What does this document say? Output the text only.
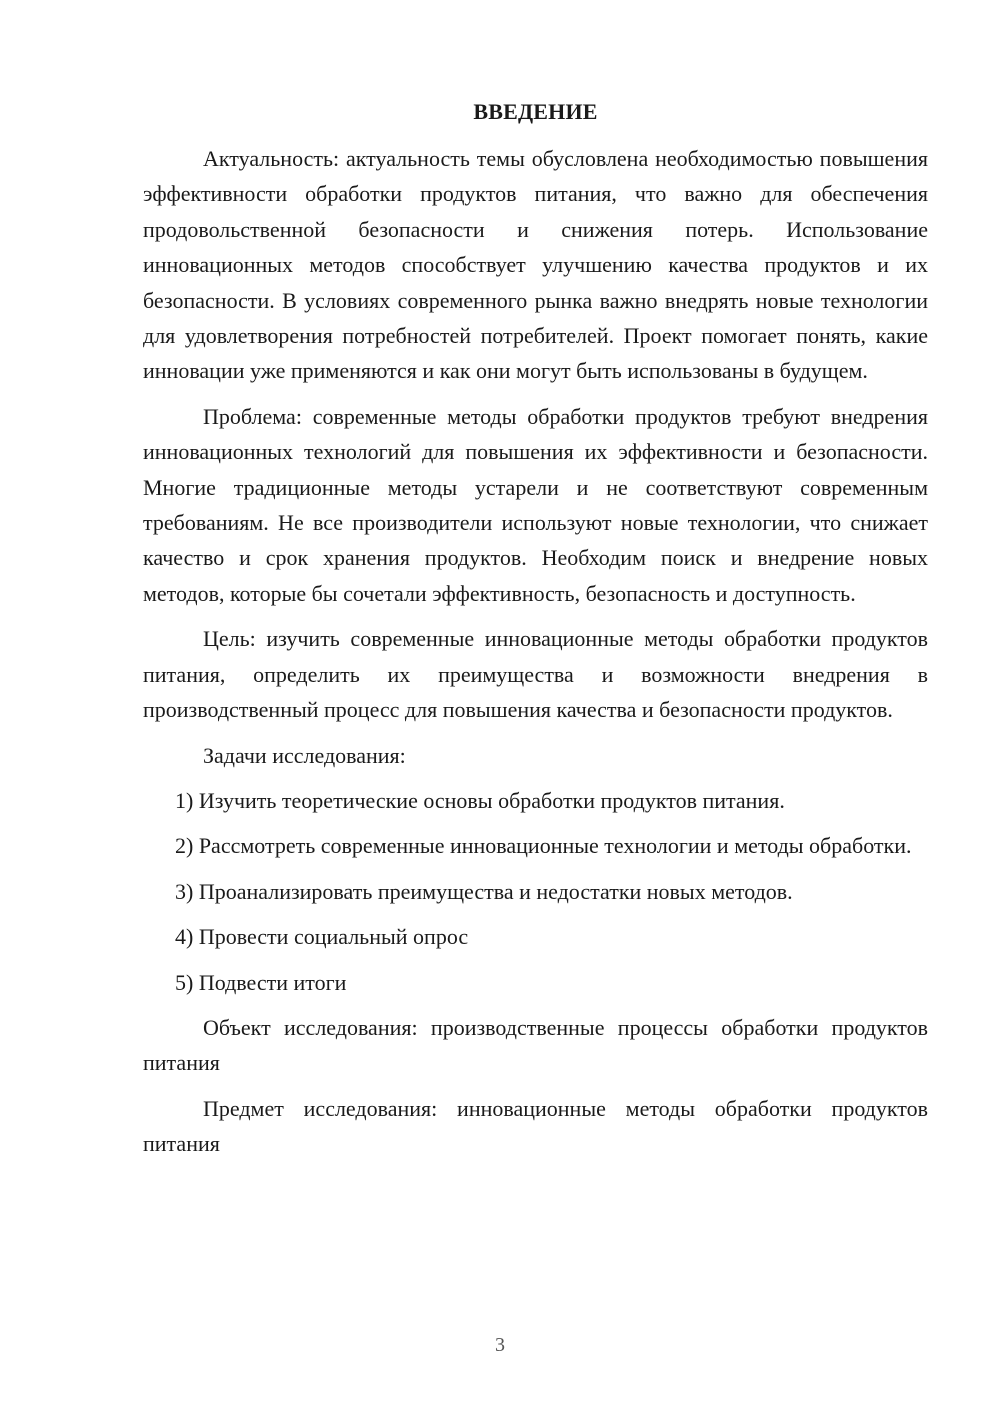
ВВЕДЕНИЕ

Актуальность: актуальность темы обусловлена необходимостью повышения эффективности обработки продуктов питания, что важно для обеспечения продовольственной безопасности и снижения потерь. Использование инновационных методов способствует улучшению качества продуктов и их безопасности. В условиях современного рынка важно внедрять новые технологии для удовлетворения потребностей потребителей. Проект помогает понять, какие инновации уже применяются и как они могут быть использованы в будущем.

Проблема: современные методы обработки продуктов требуют внедрения инновационных технологий для повышения их эффективности и безопасности. Многие традиционные методы устарели и не соответствуют современным требованиям. Не все производители используют новые технологии, что снижает качество и срок хранения продуктов. Необходим поиск и внедрение новых методов, которые бы сочетали эффективность, безопасность и доступность.

Цель: изучить современные инновационные методы обработки продуктов питания, определить их преимущества и возможности внедрения в производственный процесс для повышения качества и безопасности продуктов.

Задачи исследования:

1) Изучить теоретические основы обработки продуктов питания.

2) Рассмотреть современные инновационные технологии и методы обработки.

3) Проанализировать преимущества и недостатки новых методов.

4) Провести социальный опрос

5) Подвести итоги

Объект исследования: производственные процессы обработки продуктов питания

Предмет исследования: инновационные методы обработки продуктов питания

3
